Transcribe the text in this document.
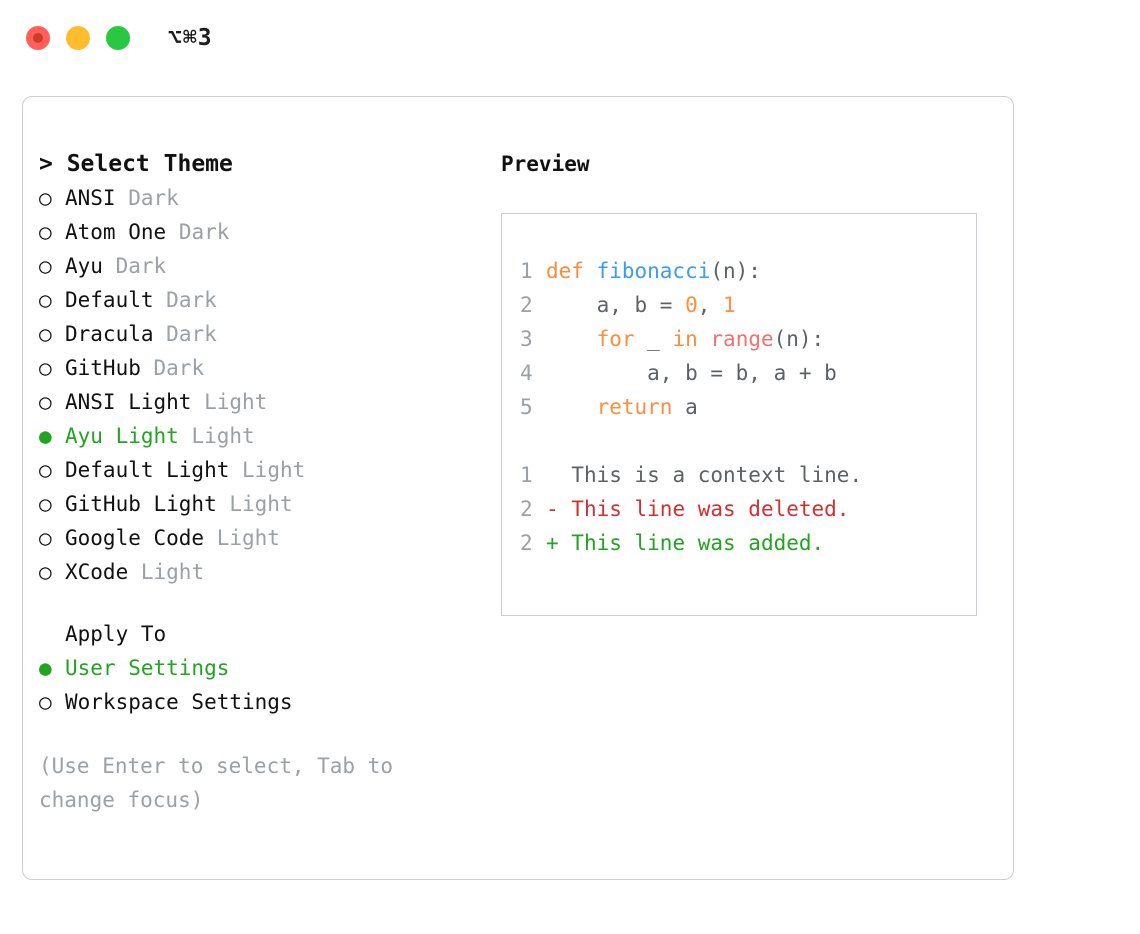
⌥⌘3
> Select Theme
○ ANSI Dark
○ Atom One Dark
○ Ayu Dark
○ Default Dark
○ Dracula Dark
○ GitHub Dark
○ ANSI Light Light
● Ayu Light Light
○ Default Light Light
○ GitHub Light Light
○ Google Code Light
○ XCode Light
Apply To
● User Settings
○ Workspace Settings
(Use Enter to select, Tab to change focus)
Preview
1 def fibonacci(n):
2    a, b = 0, 1
3	for _ in range(n):
4        a, b = b, a + b
5	return a
1  This is a context line.
2 - This line was deleted.
2 + This line was added.
